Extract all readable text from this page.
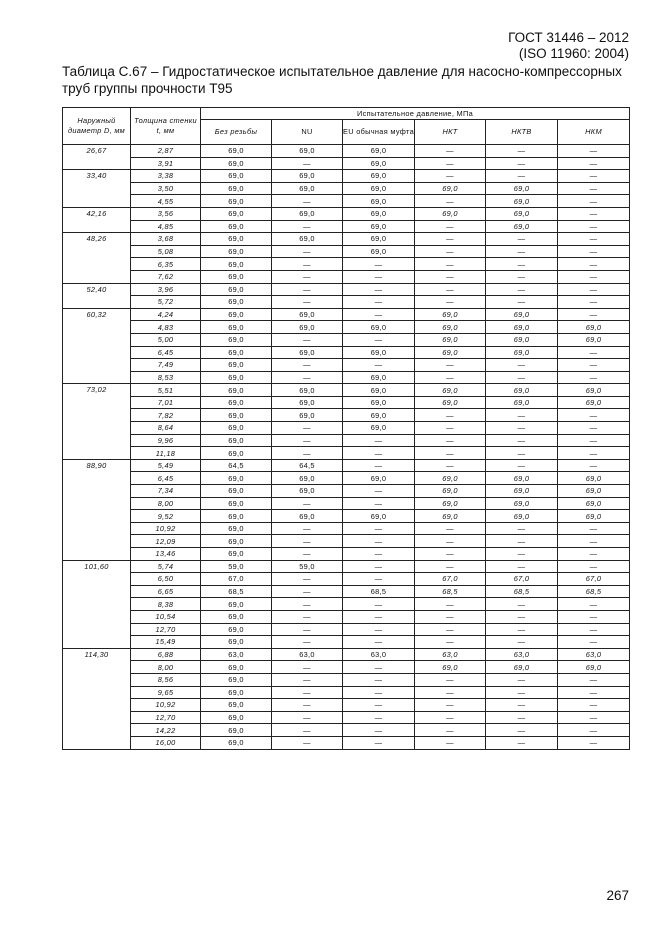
ГОСТ 31446 – 2012
(ISO 11960: 2004)
Таблица С.67 – Гидростатическое испытательное давление для насосно-компрессорных труб группы прочности Т95
Наружный диаметр D, мм	Толщина стенки t, мм	Испытательное давление, МПа					
		Без резьбы	NU	EU обычная муфта	НКТ	НКТВ	НКМ
26,67	2,87	69,0	69,0	69,0	—	—	—
	3,91	69,0	—	69,0	—	—	—
33,40	3,38	69,0	69,0	69,0	—	—	—
	3,50	69,0	69,0	69,0	69,0	69,0	—
	4,55	69,0	—	69,0	—	69,0	—
42,16	3,56	69,0	69,0	69,0	69,0	69,0	—
	4,85	69,0	—	69,0	—	69,0	—
48,26	3,68	69,0	69,0	69,0	—	—	—
	5,08	69,0	—	69,0	—	—	—
	6,35	69,0	—	—	—	—	—
	7,62	69,0	—	—	—	—	—
52,40	3,96	69,0	—	—	—	—	—
	5,72	69,0	—	—	—	—	—
60,32	4,24	69,0	69,0	—	69,0	69,0	—
	4,83	69,0	69,0	69,0	69,0	69,0	69,0
	5,00	69,0	—	—	69,0	69,0	69,0
	6,45	69,0	69,0	69,0	69,0	69,0	—
	7,49	69,0	—	—	—	—	—
	8,53	69,0	—	69,0	—	—	—
73,02	5,51	69,0	69,0	69,0	69,0	69,0	69,0
	7,01	69,0	69,0	69,0	69,0	69,0	69,0
	7,82	69,0	69,0	69,0	—	—	—
	8,64	69,0	—	69,0	—	—	—
	9,96	69,0	—	—	—	—	—
	11,18	69,0	—	—	—	—	—
88,90	5,49	64,5	64,5	—	—	—	—
	6,45	69,0	69,0	69,0	69,0	69,0	69,0
	7,34	69,0	69,0	—	69,0	69,0	69,0
	8,00	69,0	—	—	69,0	69,0	69,0
	9,52	69,0	69,0	69,0	69,0	69,0	69,0
	10,92	69,0	—	—	—	—	—
	12,09	69,0	—	—	—	—	—
	13,46	69,0	—	—	—	—	—
101,60	5,74	59,0	59,0	—	—	—	—
	6,50	67,0	—	—	67,0	67,0	67,0
	6,65	68,5	—	68,5	68,5	68,5	68,5
	8,38	69,0	—	—	—	—	—
	10,54	69,0	—	—	—	—	—
	12,70	69,0	—	—	—	—	—
	15,49	69,0	—	—	—	—	—
114,30	6,88	63,0	63,0	63,0	63,0	63,0	63,0
	8,00	69,0	—	—	69,0	69,0	69,0
	8,56	69,0	—	—	—	—	—
	9,65	69,0	—	—	—	—	—
	10,92	69,0	—	—	—	—	—
	12,70	69,0	—	—	—	—	—
	14,22	69,0	—	—	—	—	—
	16,00	69,0	—	—	—	—	—
267
